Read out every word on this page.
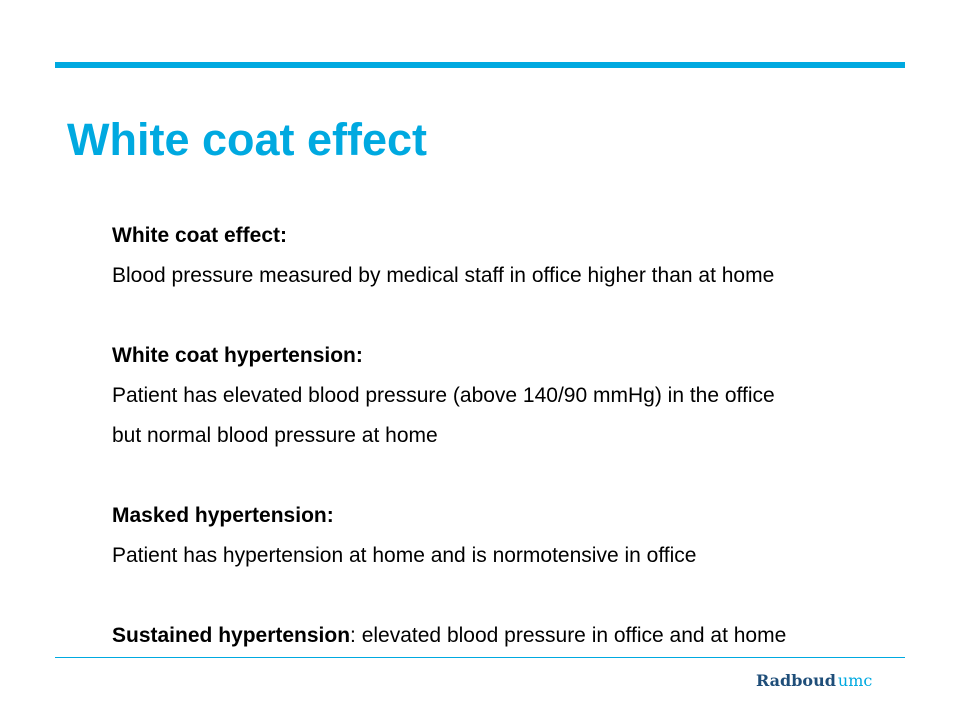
White coat effect
White coat effect:
Blood pressure measured by medical staff in office higher than at home
White coat hypertension:
Patient has elevated blood pressure (above 140/90 mmHg) in the office
but normal blood pressure at home
Masked hypertension:
Patient has hypertension at home and is normotensive in office
Sustained hypertension: elevated blood pressure in office and at home
Radboud umc
